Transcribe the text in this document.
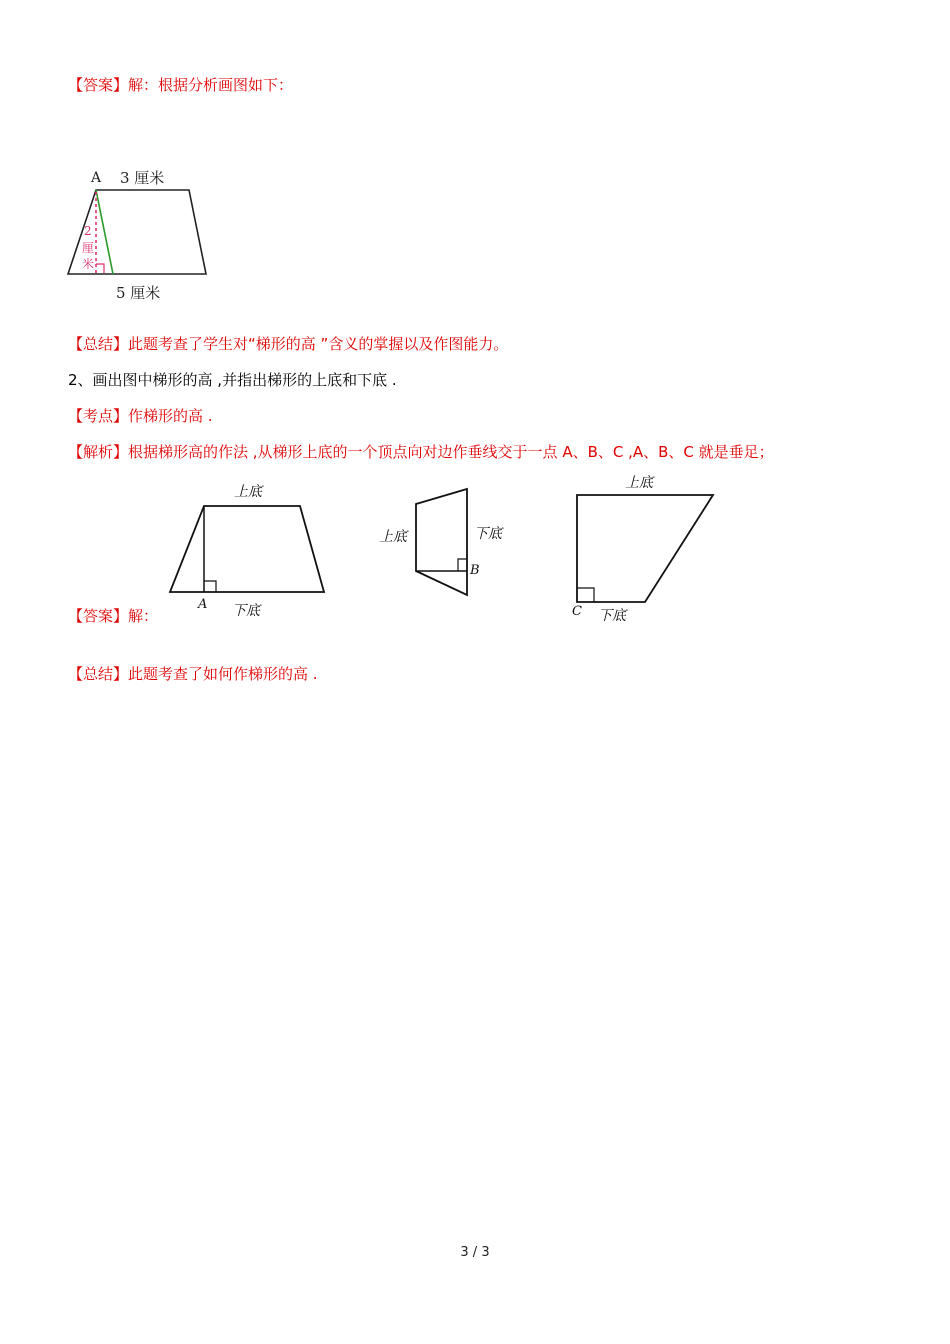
【答案】解：根据分析画图如下：
A 3 厘米
5 厘米
2
厘
米
【总结】此题考查了学生对“梯形的高 ”含义的掌握以及作图能力。
2、画出图中梯形的高 ,并指出梯形的上底和下底 .
【考点】作梯形的高 .
【解析】根据梯形高的作法 ,从梯形上底的一个顶点向对边作垂线交于一点 A、B、C ,A、B、C 就是垂足；
上底
下底
A
上底	下底
B
上底
下底
C
【答案】解：
【总结】此题考查了如何作梯形的高 .
3 / 3
